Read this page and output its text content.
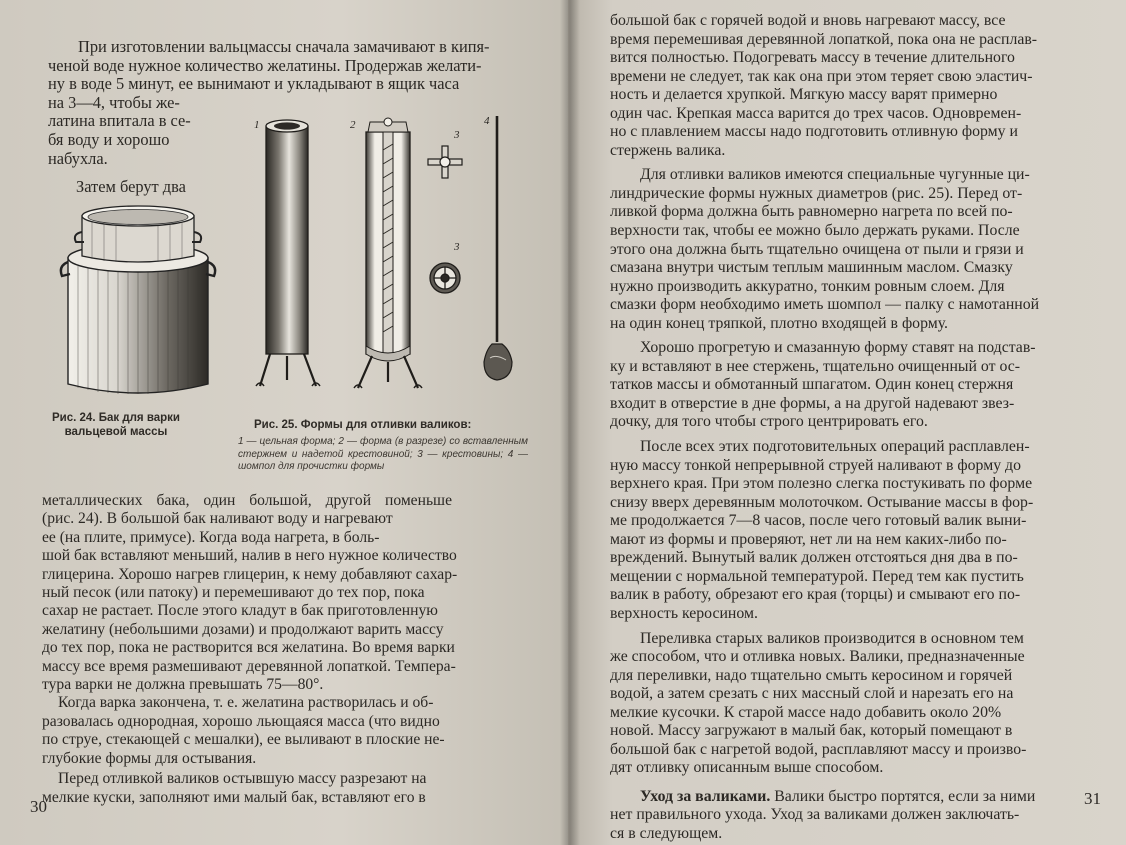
При изготовлении вальцмассы сначала замачивают в кипя-

ченой воде нужное количество желатины. Продержав желати-

ну в воде 5 минут, ее вынимают и укладывают в ящик часа

на 3—4, чтобы же-

латина впитала в се-

бя воду и хорошо

набухла.

Затем берут два

Рис. 24. Бак для варки вальцевой массы
1	2
3
3
4
Рис. 25. Формы для отливки валиков:
1 — цельная форма; 2 — форма (в разрезе) со вставленным стержнем и надетой крестовиной; 3 — крестовины; 4 — шомпол для прочистки формы

металлических бака, один большой, другой поменьше

(рис. 24). В большой бак наливают воду и нагревают

ее (на плите, примусе). Когда вода нагрета, в боль-

шой бак вставляют меньший, налив в него нужное количество

глицерина. Хорошо нагрев глицерин, к нему добавляют сахар-

ный песок (или патоку) и перемешивают до тех пор, пока

сахар не растает. После этого кладут в бак приготовленную

желатину (небольшими дозами) и продолжают варить массу

до тех пор, пока не растворится вся желатина. Во время варки

массу все время размешивают деревянной лопаткой. Темпера-

тура варки не должна превышать 75—80°.

Когда варка закончена, т. е. желатина растворилась и об-

разовалась однородная, хорошо льющаяся масса (что видно

по струе, стекающей с мешалки), ее выливают в плоские не-

глубокие формы для остывания.

Перед отливкой валиков остывшую массу разрезают на

мелкие куски, заполняют ими малый бак, вставляют его в

30

большой бак с горячей водой и вновь нагревают массу, все

время перемешивая деревянной лопаткой, пока она не расплав-

вится полностью. Подогревать массу в течение длительного

времени не следует, так как она при этом теряет свою эластич-

ность и делается хрупкой. Мягкую массу варят примерно

один час. Крепкая масса варится до трех часов. Одновремен-

но с плавлением массы надо подготовить отливную форму и

стержень валика.

Для отливки валиков имеются специальные чугунные ци-

линдрические формы нужных диаметров (рис. 25). Перед от-

ливкой форма должна быть равномерно нагрета по всей по-

верхности так, чтобы ее можно было держать руками. После

этого она должна быть тщательно очищена от пыли и грязи и

смазана внутри чистым теплым машинным маслом. Смазку

нужно производить аккуратно, тонким ровным слоем. Для

смазки форм необходимо иметь шомпол — палку с намотанной

на один конец тряпкой, плотно входящей в форму.

Хорошо прогретую и смазанную форму ставят на подстав-

ку и вставляют в нее стержень, тщательно очищенный от ос-

татков массы и обмотанный шпагатом. Один конец стержня

входит в отверстие в дне формы, а на другой надевают звез-

дочку, для того чтобы строго центрировать его.

После всех этих подготовительных операций расплавлен-

ную массу тонкой непрерывной струей наливают в форму до

верхнего края. При этом полезно слегка постукивать по форме

снизу вверх деревянным молоточком. Остывание массы в фор-

ме продолжается 7—8 часов, после чего готовый валик выни-

мают из формы и проверяют, нет ли на нем каких-либо по-

вреждений. Вынутый валик должен отстояться дня два в по-

мещении с нормальной температурой. Перед тем как пустить

валик в работу, обрезают его края (торцы) и смывают его по-

верхность керосином.

Переливка старых валиков производится в основном тем

же способом, что и отливка новых. Валики, предназначенные

для переливки, надо тщательно смыть керосином и горячей

водой, а затем срезать с них массный слой и нарезать его на

мелкие кусочки. К старой массе надо добавить около 20%

новой. Массу загружают в малый бак, который помещают в

большой бак с нагретой водой, расплавляют массу и произво-

дят отливку описанным выше способом.

Уход за валиками. Валики быстро портятся, если за ними

нет правильного ухода. Уход за валиками должен заключать-

ся в следующем.

31
